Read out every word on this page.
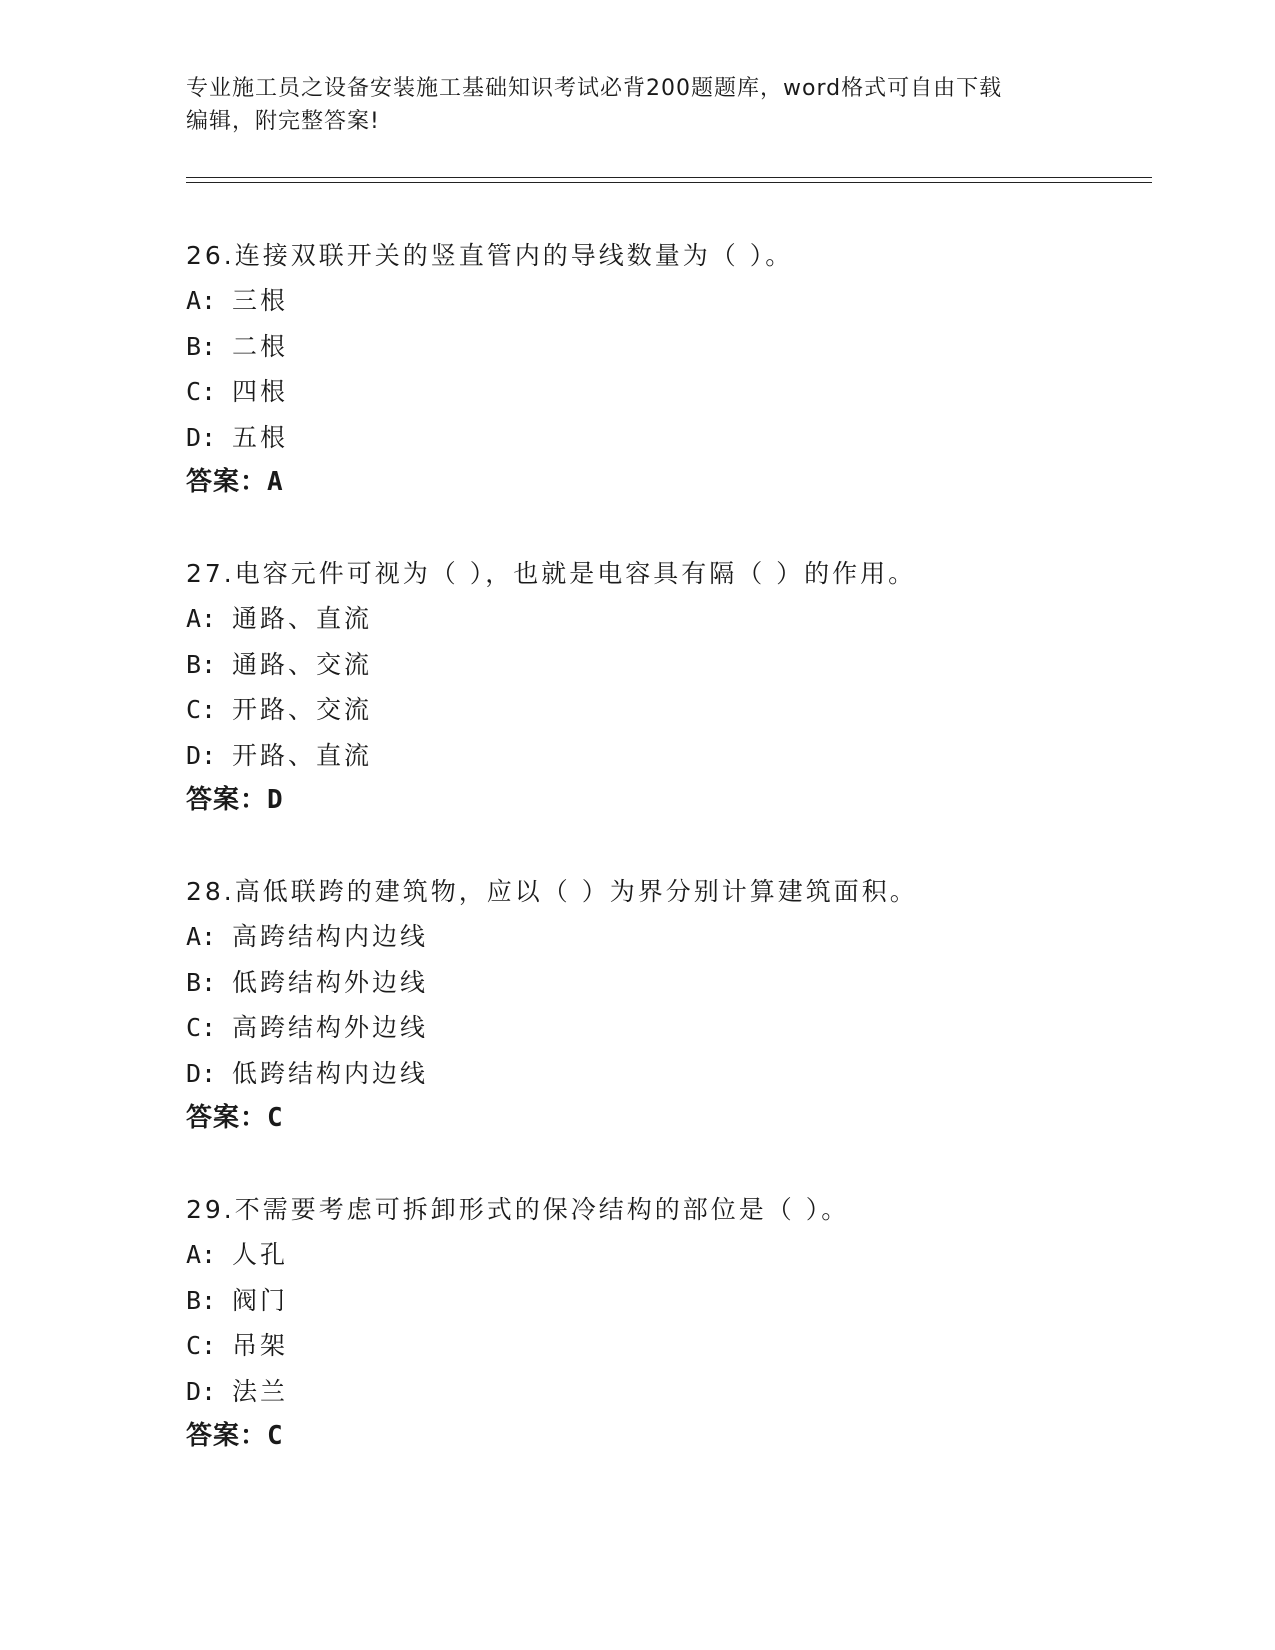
专业施工员之设备安装施工基础知识考试必背200题题库，word格式可自由下载
编辑，附完整答案!
26.连接双联开关的竖直管内的导线数量为（ ）。
A: 三根
B: 二根
C: 四根
D: 五根
答案：A
27.电容元件可视为（ ），也就是电容具有隔（ ）的作用。
A: 通路、直流
B: 通路、交流
C: 开路、交流
D: 开路、直流
答案：D
28.高低联跨的建筑物，应以（ ）为界分别计算建筑面积。
A: 高跨结构内边线
B: 低跨结构外边线
C: 高跨结构外边线
D: 低跨结构内边线
答案：C
29.不需要考虑可拆卸形式的保冷结构的部位是（ ）。
A: 人孔
B: 阀门
C: 吊架
D: 法兰
答案：C
